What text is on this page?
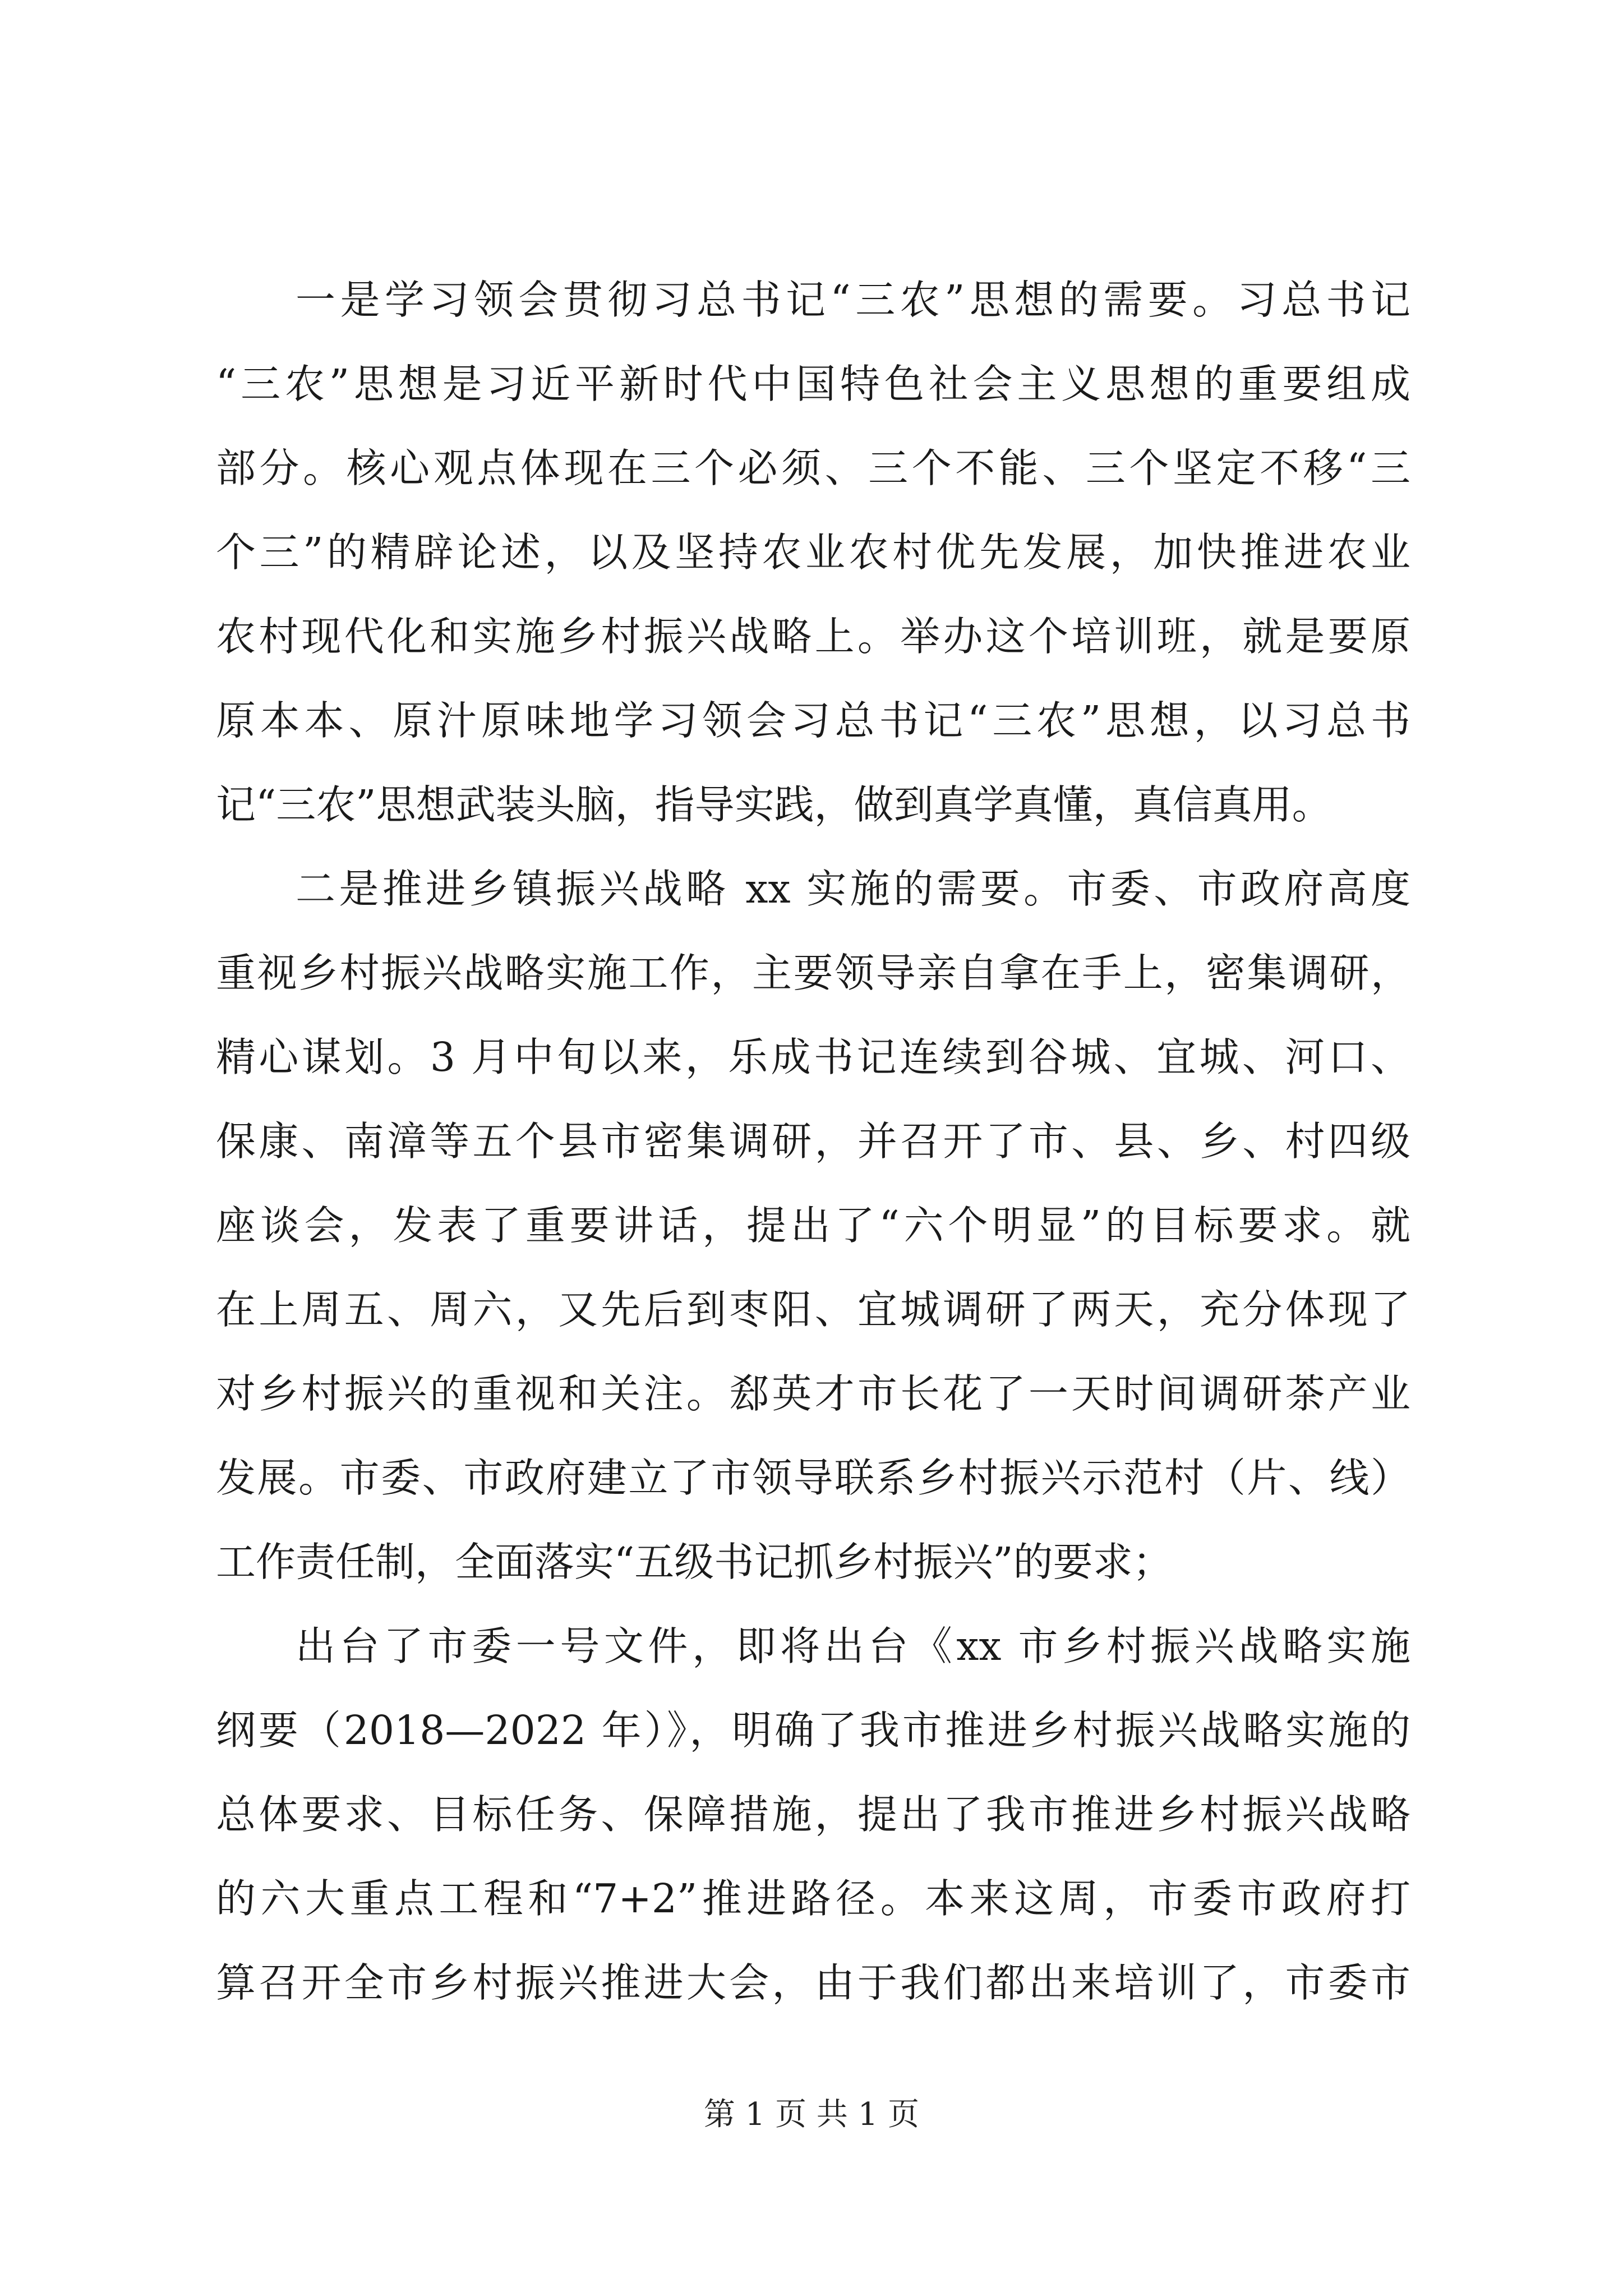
一是学习领会贯彻习总书记“三农”思想的需要。习总书记
“三农”思想是习近平新时代中国特色社会主义思想的重要组成
部分。核心观点体现在三个必须、三个不能、三个坚定不移“三
个三”的精辟论述，以及坚持农业农村优先发展，加快推进农业
农村现代化和实施乡村振兴战略上。举办这个培训班，就是要原
原本本、原汁原味地学习领会习总书记“三农”思想，以习总书
记“三农”思想武装头脑，指导实践，做到真学真懂，真信真用。
二是推进乡镇振兴战略 xx 实施的需要。市委、市政府高度
重视乡村振兴战略实施工作，主要领导亲自拿在手上，密集调研，
精心谋划。3 月中旬以来，乐成书记连续到谷城、宜城、河口、
保康、南漳等五个县市密集调研，并召开了市、县、乡、村四级
座谈会，发表了重要讲话，提出了“六个明显”的目标要求。就
在上周五、周六，又先后到枣阳、宜城调研了两天，充分体现了
对乡村振兴的重视和关注。郄英才市长花了一天时间调研茶产业
发展。市委、市政府建立了市领导联系乡村振兴示范村（片、线）
工作责任制，全面落实“五级书记抓乡村振兴”的要求；
出台了市委一号文件，即将出台《xx 市乡村振兴战略实施
纲要（2018—2022 年）》，明确了我市推进乡村振兴战略实施的
总体要求、目标任务、保障措施，提出了我市推进乡村振兴战略
的六大重点工程和“7+2”推进路径。本来这周，市委市政府打
算召开全市乡村振兴推进大会，由于我们都出来培训了，市委市
第 1 页 共 1 页
